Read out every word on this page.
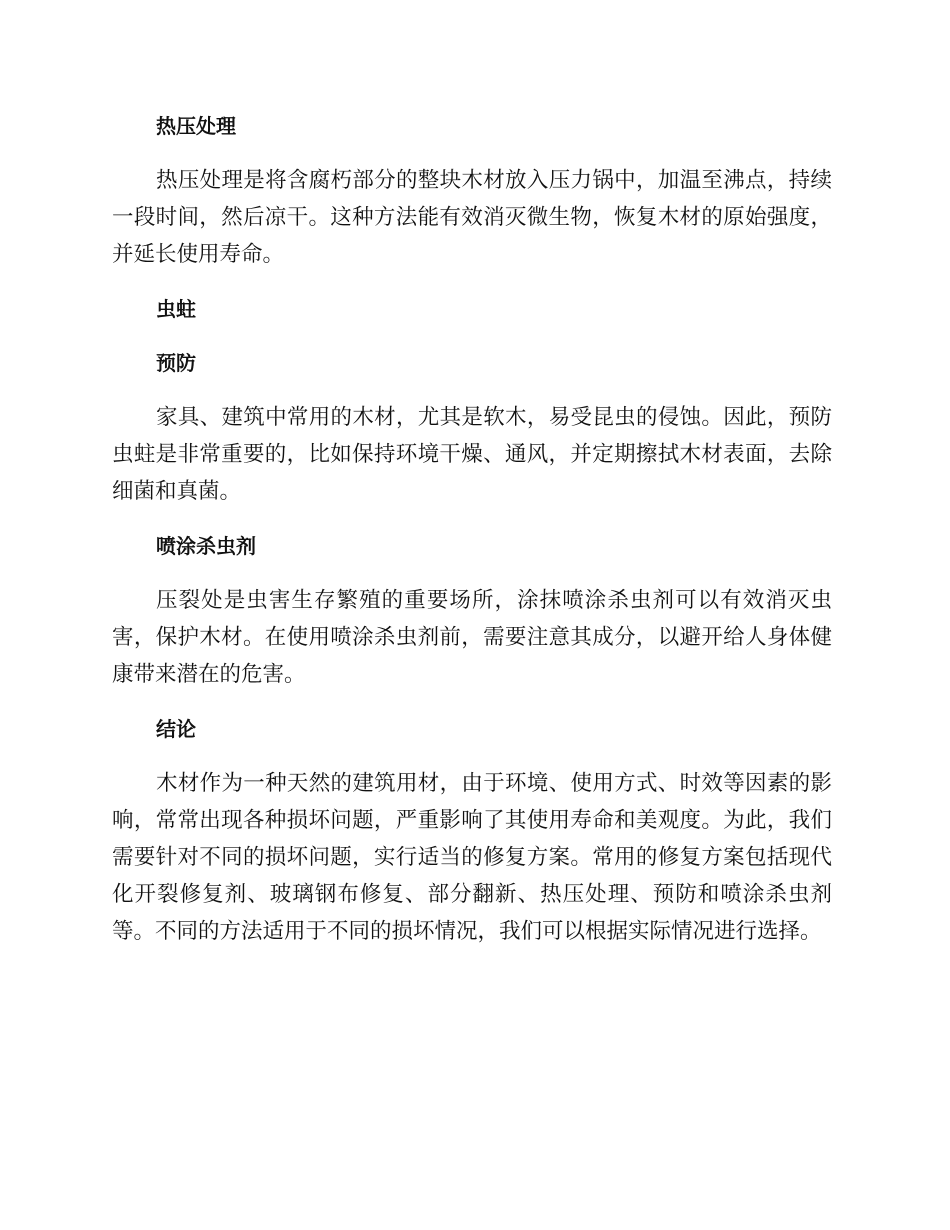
热压处理

热压处理是将含腐朽部分的整块木材放入压力锅中，加温至沸点，持续一段时间，然后凉干。这种方法能有效消灭微生物，恢复木材的原始强度，并延长使用寿命。

虫蛀
预防

家具、建筑中常用的木材，尤其是软木，易受昆虫的侵蚀。因此，预防虫蛀是非常重要的，比如保持环境干燥、通风，并定期擦拭木材表面，去除细菌和真菌。

喷涂杀虫剂

压裂处是虫害生存繁殖的重要场所，涂抹喷涂杀虫剂可以有效消灭虫害，保护木材。在使用喷涂杀虫剂前，需要注意其成分，以避开给人身体健康带来潜在的危害。

结论

木材作为一种天然的建筑用材，由于环境、使用方式、时效等因素的影响，常常出现各种损坏问题，严重影响了其使用寿命和美观度。为此，我们需要针对不同的损坏问题，实行适当的修复方案。常用的修复方案包括现代化开裂修复剂、玻璃钢布修复、部分翻新、热压处理、预防和喷涂杀虫剂等。不同的方法适用于不同的损坏情况，我们可以根据实际情况进行选择。
